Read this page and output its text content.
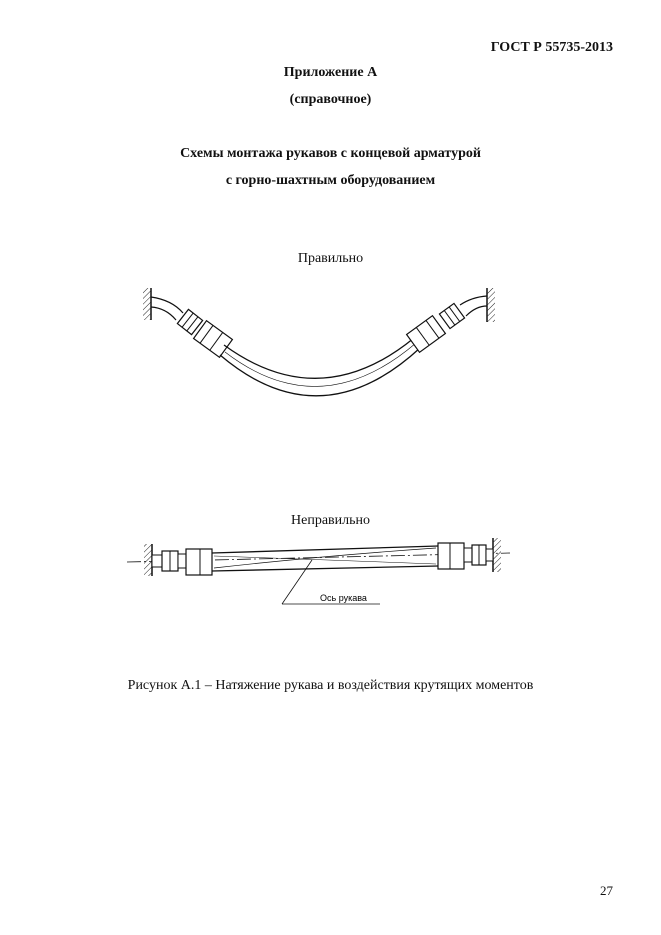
ГОСТ Р 55735-2013
Приложение А
(справочное)
Схемы монтажа рукавов с концевой арматурой
с горно-шахтным оборудованием
Правильно
Неправильно
Ось рукава
Рисунок А.1 – Натяжение рукава и воздействия крутящих моментов
27
